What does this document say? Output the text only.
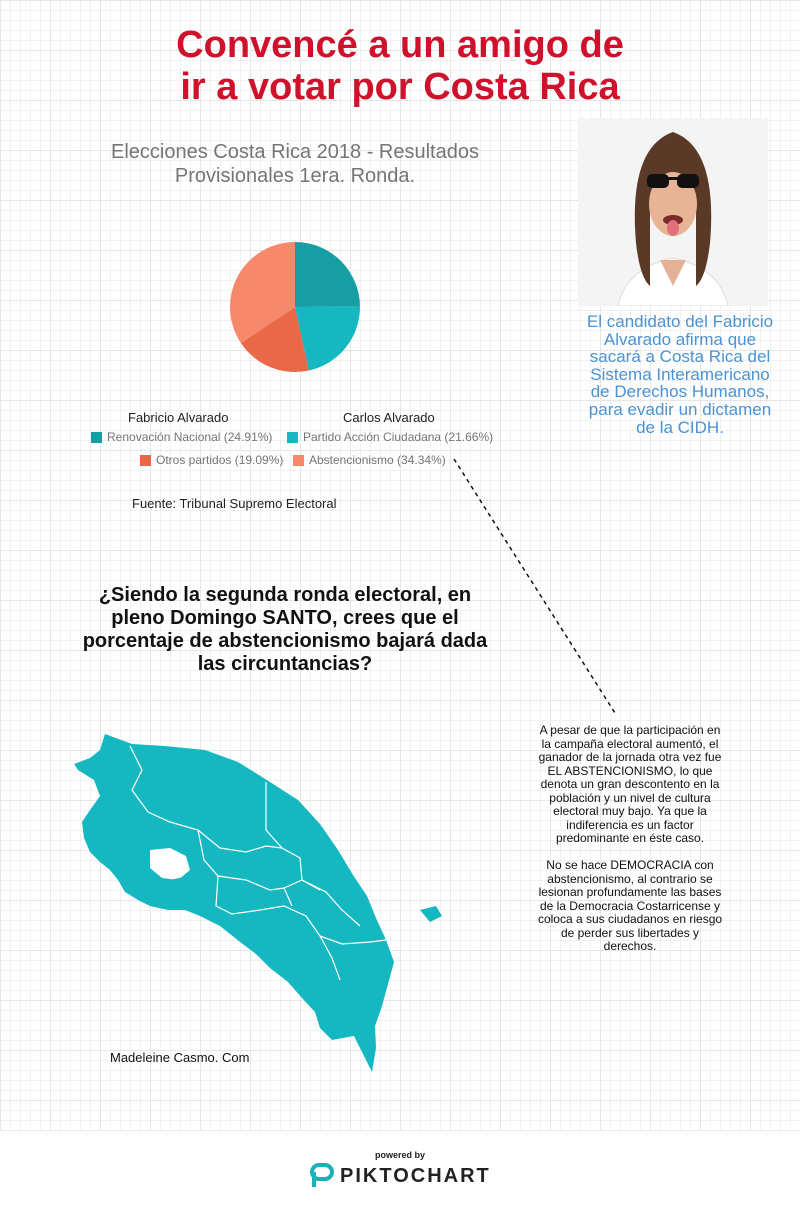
Convencé a un amigo de
ir a votar por Costa Rica

Elecciones Costa Rica 2018 - Resultados Provisionales 1era. Ronda.

Fabricio Alvarado	Carlos Alvarado
Renovación Nacional (24.91%)	Partido Acción Ciudadana (21.66%)
Otros partidos (19.09%) Abstencionismo (34.34%)
Fuente: Tribunal Supremo Electoral

El candidato del Fabricio Alvarado afirma que sacará a Costa Rica del Sistema Interamericano de Derechos Humanos, para evadir un dictamen de la CIDH.

¿Siendo la segunda ronda electoral, en pleno Domingo SANTO, crees que el porcentaje de abstencionismo bajará dada las circuntancias?

A pesar de que la participación en la campaña electoral aumentó, el ganador de la jornada otra vez fue EL ABSTENCIONISMO, lo que denota un gran descontento en la población y un nivel de cultura electoral muy bajo. Ya que la indiferencia es un factor predominante en éste caso.

No se hace DEMOCRACIA con abstencionismo, al contrario se lesionan profundamente las bases de la Democracia Costarricense y coloca a sus ciudadanos en riesgo de perder sus libertades y derechos.

Madeleine Casmo. Com
powered by
PIKTOCHART
